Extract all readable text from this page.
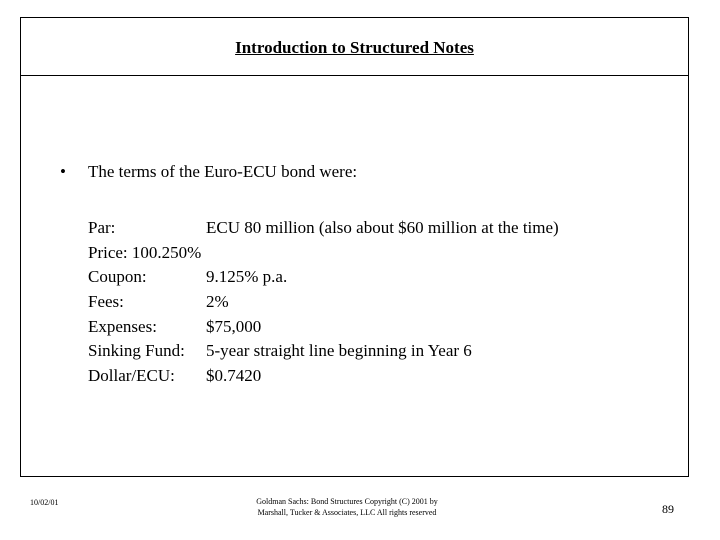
Introduction to Structured Notes
• The terms of the Euro-ECU bond were:
Par:	ECU 80 million (also about $60 million at the time)
Price: 100.250%
Coupon:	9.125% p.a.
Fees:	2%
Expenses:	$75,000
Sinking Fund: 5-year straight line beginning in Year 6
Dollar/ECU: $0.7420
10/02/01	Goldman Sachs: Bond Structures Copyright (C) 2001 by Marshall, Tucker & Associates, LLC All rights reserved	89
